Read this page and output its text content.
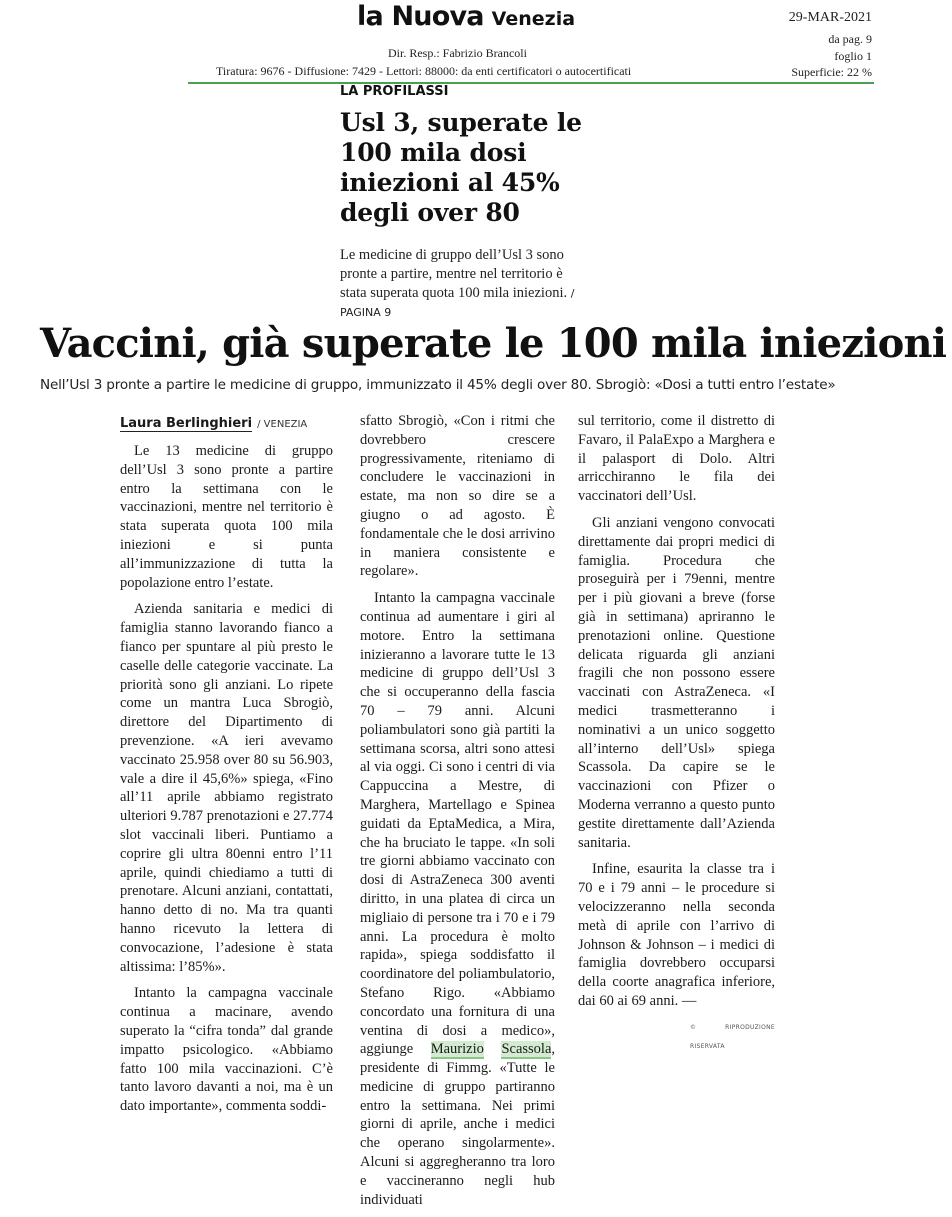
la Nuova Venezia
Dir. Resp.: Fabrizio Brancoli
Tiratura: 9676 - Diffusione: 7429 - Lettori: 88000: da enti certificatori o autocertificati
29-MAR-2021
da pag. 9
foglio 1
Superficie: 22 %
LA PROFILASSI
Usl 3, superate le 100 mila dosi iniezioni al 45% degli over 80

Le medicine di gruppo dell’Usl 3 sono pronte a partire, mentre nel territorio è stata superata quota 100 mila iniezioni. / PAGINA 9

Vaccini, già superate le 100 mila iniezioni

Nell’Usl 3 pronte a partire le medicine di gruppo, immunizzato il 45% degli over 80. Sbrogiò: «Dosi a tutti entro l’estate»

Laura Berlinghieri / VENEZIA

Le 13 medicine di gruppo dell’Usl 3 sono pronte a partire entro la settimana con le vaccinazioni, mentre nel territorio è stata superata quota 100 mila iniezioni e si punta all’immunizzazione di tutta la popolazione entro l’estate.

Azienda sanitaria e medici di famiglia stanno lavorando fianco a fianco per spuntare al più presto le caselle delle categorie vaccinate. La priorità sono gli anziani. Lo ripete come un mantra Luca Sbrogiò, direttore del Dipartimento di prevenzione. «A ieri avevamo vaccinato 25.958 over 80 su 56.903, vale a dire il 45,6%» spiega, «Fino all’11 aprile abbiamo registrato ulteriori 9.787 prenotazioni e 27.774 slot vaccinali liberi. Puntiamo a coprire gli ultra 80enni entro l’11 aprile, quindi chiediamo a tutti di prenotare. Alcuni anziani, contattati, hanno detto di no. Ma tra quanti hanno ricevuto la lettera di convocazione, l’adesione è stata altissima: l’85%».

Intanto la campagna vaccinale continua a macinare, avendo superato la “cifra tonda” dal grande impatto psicologico. «Abbiamo fatto 100 mila vaccinazioni. C’è tanto lavoro davanti a noi, ma è un dato importante», commenta soddi-

sfatto Sbrogiò, «Con i ritmi che dovrebbero crescere progressivamente, riteniamo di concludere le vaccinazioni in estate, ma non so dire se a giugno o ad agosto. È fondamentale che le dosi arrivino in maniera consistente e regolare».

Intanto la campagna vaccinale continua ad aumentare i giri al motore. Entro la settimana inizieranno a lavorare tutte le 13 medicine di gruppo dell’Usl 3 che si occuperanno della fascia 70 – 79 anni. Alcuni poliambulatori sono già partiti la settimana scorsa, altri sono attesi al via oggi. Ci sono i centri di via Cappuccina a Mestre, di Marghera, Martellago e Spinea guidati da EptaMedica, a Mira, che ha bruciato le tappe. «In soli tre giorni abbiamo vaccinato con dosi di AstraZeneca 300 aventi diritto, in una platea di circa un migliaio di persone tra i 70 e i 79 anni. La procedura è molto rapida», spiega soddisfatto il coordinatore del poliambulatorio, Stefano Rigo. «Abbiamo concordato una fornitura di una ventina di dosi a medico», aggiunge Maurizio Scassola, presidente di Fimmg. «Tutte le medicine di gruppo partiranno entro la settimana. Nei primi giorni di aprile, anche i medici che operano singolarmente». Alcuni si aggregheranno tra loro e vaccineranno negli hub individuati

sul territorio, come il distretto di Favaro, il PalaExpo a Marghera e il palasport di Dolo. Altri arricchiranno le fila dei vaccinatori dell’Usl.

Gli anziani vengono convocati direttamente dai propri medici di famiglia. Procedura che proseguirà per i 79enni, mentre per i più giovani a breve (forse già in settimana) apriranno le prenotazioni online. Questione delicata riguarda gli anziani fragili che non possono essere vaccinati con AstraZeneca. «I medici trasmetteranno i nominativi a un unico soggetto all’interno dell’Usl» spiega Scassola. Da capire se le vaccinazioni con Pfizer o Moderna verranno a questo punto gestite direttamente dall’Azienda sanitaria.

Infine, esaurita la classe tra i 70 e i 79 anni – le procedure si velocizzeranno nella seconda metà di aprile con l’arrivo di Johnson & Johnson – i medici di famiglia dovrebbero occuparsi della coorte anagrafica inferiore, dai 60 ai 69 anni. —

© RIPRODUZIONE RISERVATA
